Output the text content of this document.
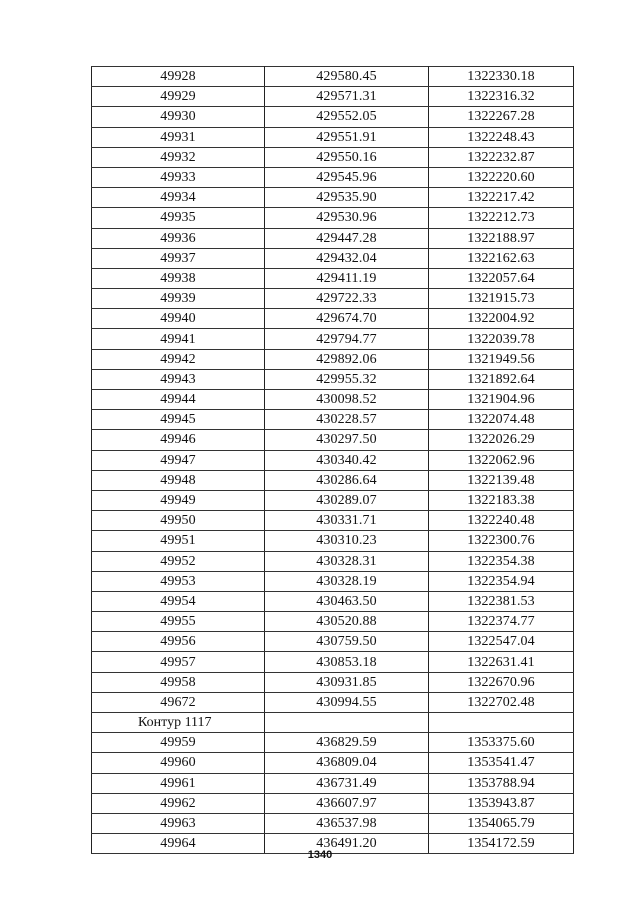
49928	429580.45	1322330.18
49929	429571.31	1322316.32
49930	429552.05	1322267.28
49931	429551.91	1322248.43
49932	429550.16	1322232.87
49933	429545.96	1322220.60
49934	429535.90	1322217.42
49935	429530.96	1322212.73
49936	429447.28	1322188.97
49937	429432.04	1322162.63
49938	429411.19	1322057.64
49939	429722.33	1321915.73
49940	429674.70	1322004.92
49941	429794.77	1322039.78
49942	429892.06	1321949.56
49943	429955.32	1321892.64
49944	430098.52	1321904.96
49945	430228.57	1322074.48
49946	430297.50	1322026.29
49947	430340.42	1322062.96
49948	430286.64	1322139.48
49949	430289.07	1322183.38
49950	430331.71	1322240.48
49951	430310.23	1322300.76
49952	430328.31	1322354.38
49953	430328.19	1322354.94
49954	430463.50	1322381.53
49955	430520.88	1322374.77
49956	430759.50	1322547.04
49957	430853.18	1322631.41
49958	430931.85	1322670.96
49672	430994.55	1322702.48
Контур 1117		
49959	436829.59	1353375.60
49960	436809.04	1353541.47
49961	436731.49	1353788.94
49962	436607.97	1353943.87
49963	436537.98	1354065.79
49964	436491.20	1354172.59
1340
